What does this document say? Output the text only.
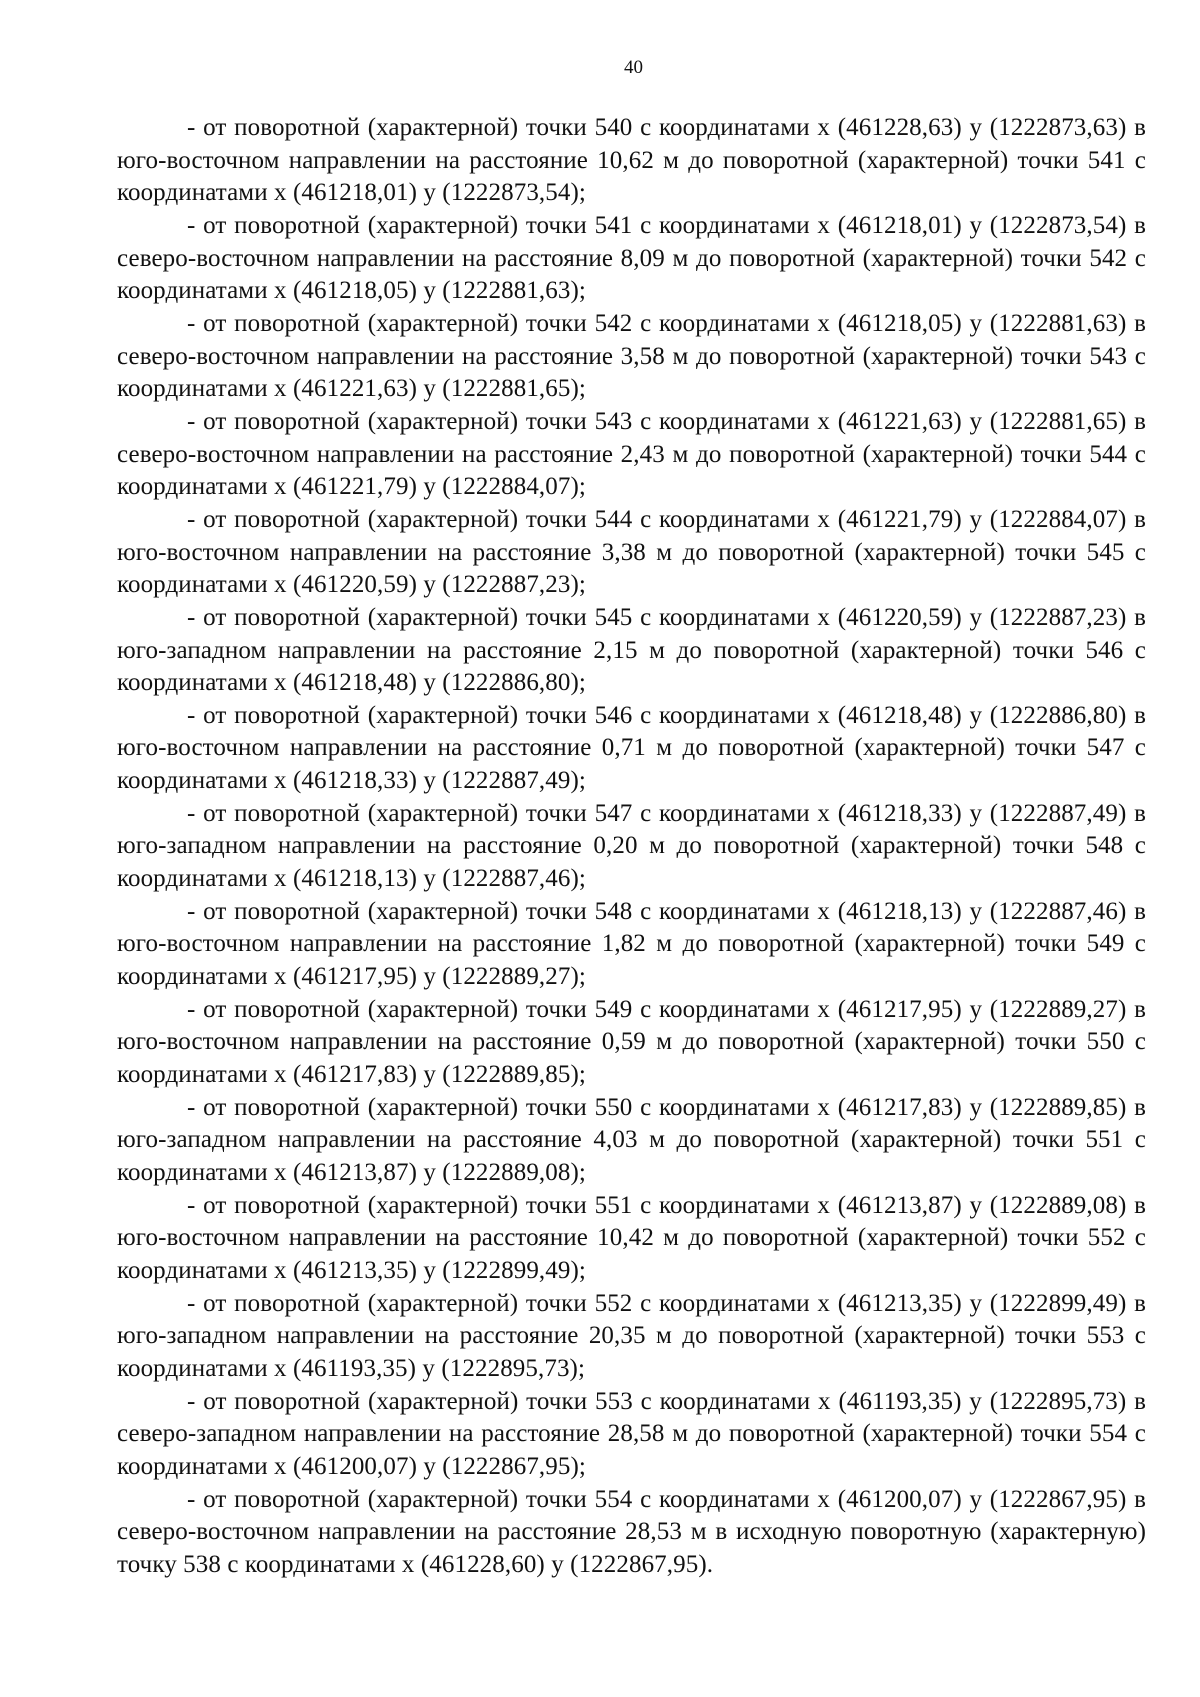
40

- от поворотной (характерной) точки 540 с координатами х (461228,63) у (1222873,63) в юго-восточном направлении на расстояние 10,62 м до поворотной (характерной) точки 541 с координатами х (461218,01) у (1222873,54);

- от поворотной (характерной) точки 541 с координатами х (461218,01) у (1222873,54) в северо-восточном направлении на расстояние 8,09 м до поворотной (характерной) точки 542 с координатами х (461218,05) у (1222881,63);

- от поворотной (характерной) точки 542 с координатами х (461218,05) у (1222881,63) в северо-восточном направлении на расстояние 3,58 м до поворотной (характерной) точки 543 с координатами х (461221,63) у (1222881,65);

- от поворотной (характерной) точки 543 с координатами х (461221,63) у (1222881,65) в северо-восточном направлении на расстояние 2,43 м до поворотной (характерной) точки 544 с координатами х (461221,79) у (1222884,07);

- от поворотной (характерной) точки 544 с координатами х (461221,79) у (1222884,07) в юго-восточном направлении на расстояние 3,38 м до поворотной (характерной) точки 545 с координатами х (461220,59) у (1222887,23);

- от поворотной (характерной) точки 545 с координатами х (461220,59) у (1222887,23) в юго-западном направлении на расстояние 2,15 м до поворотной (характерной) точки 546 с координатами х (461218,48) у (1222886,80);

- от поворотной (характерной) точки 546 с координатами х (461218,48) у (1222886,80) в юго-восточном направлении на расстояние 0,71 м до поворотной (характерной) точки 547 с координатами х (461218,33) у (1222887,49);

- от поворотной (характерной) точки 547 с координатами х (461218,33) у (1222887,49) в юго-западном направлении на расстояние 0,20 м до поворотной (характерной) точки 548 с координатами х (461218,13) у (1222887,46);

- от поворотной (характерной) точки 548 с координатами х (461218,13) у (1222887,46) в юго-восточном направлении на расстояние 1,82 м до поворотной (характерной) точки 549 с координатами х (461217,95) у (1222889,27);

- от поворотной (характерной) точки 549 с координатами х (461217,95) у (1222889,27) в юго-восточном направлении на расстояние 0,59 м до поворотной (характерной) точки 550 с координатами х (461217,83) у (1222889,85);

- от поворотной (характерной) точки 550 с координатами х (461217,83) у (1222889,85) в юго-западном направлении на расстояние 4,03 м до поворотной (характерной) точки 551 с координатами х (461213,87) у (1222889,08);

- от поворотной (характерной) точки 551 с координатами х (461213,87) у (1222889,08) в юго-восточном направлении на расстояние 10,42 м до поворотной (характерной) точки 552 с координатами х (461213,35) у (1222899,49);

- от поворотной (характерной) точки 552 с координатами х (461213,35) у (1222899,49) в юго-западном направлении на расстояние 20,35 м до поворотной (характерной) точки 553 с координатами х (461193,35) у (1222895,73);

- от поворотной (характерной) точки 553 с координатами х (461193,35) у (1222895,73) в северо-западном направлении на расстояние 28,58 м до поворотной (характерной) точки 554 с координатами х (461200,07) у (1222867,95);

- от поворотной (характерной) точки 554 с координатами х (461200,07) у (1222867,95) в северо-восточном направлении на расстояние 28,53 м в исходную поворотную (характерную) точку 538 с координатами х (461228,60) у (1222867,95).
